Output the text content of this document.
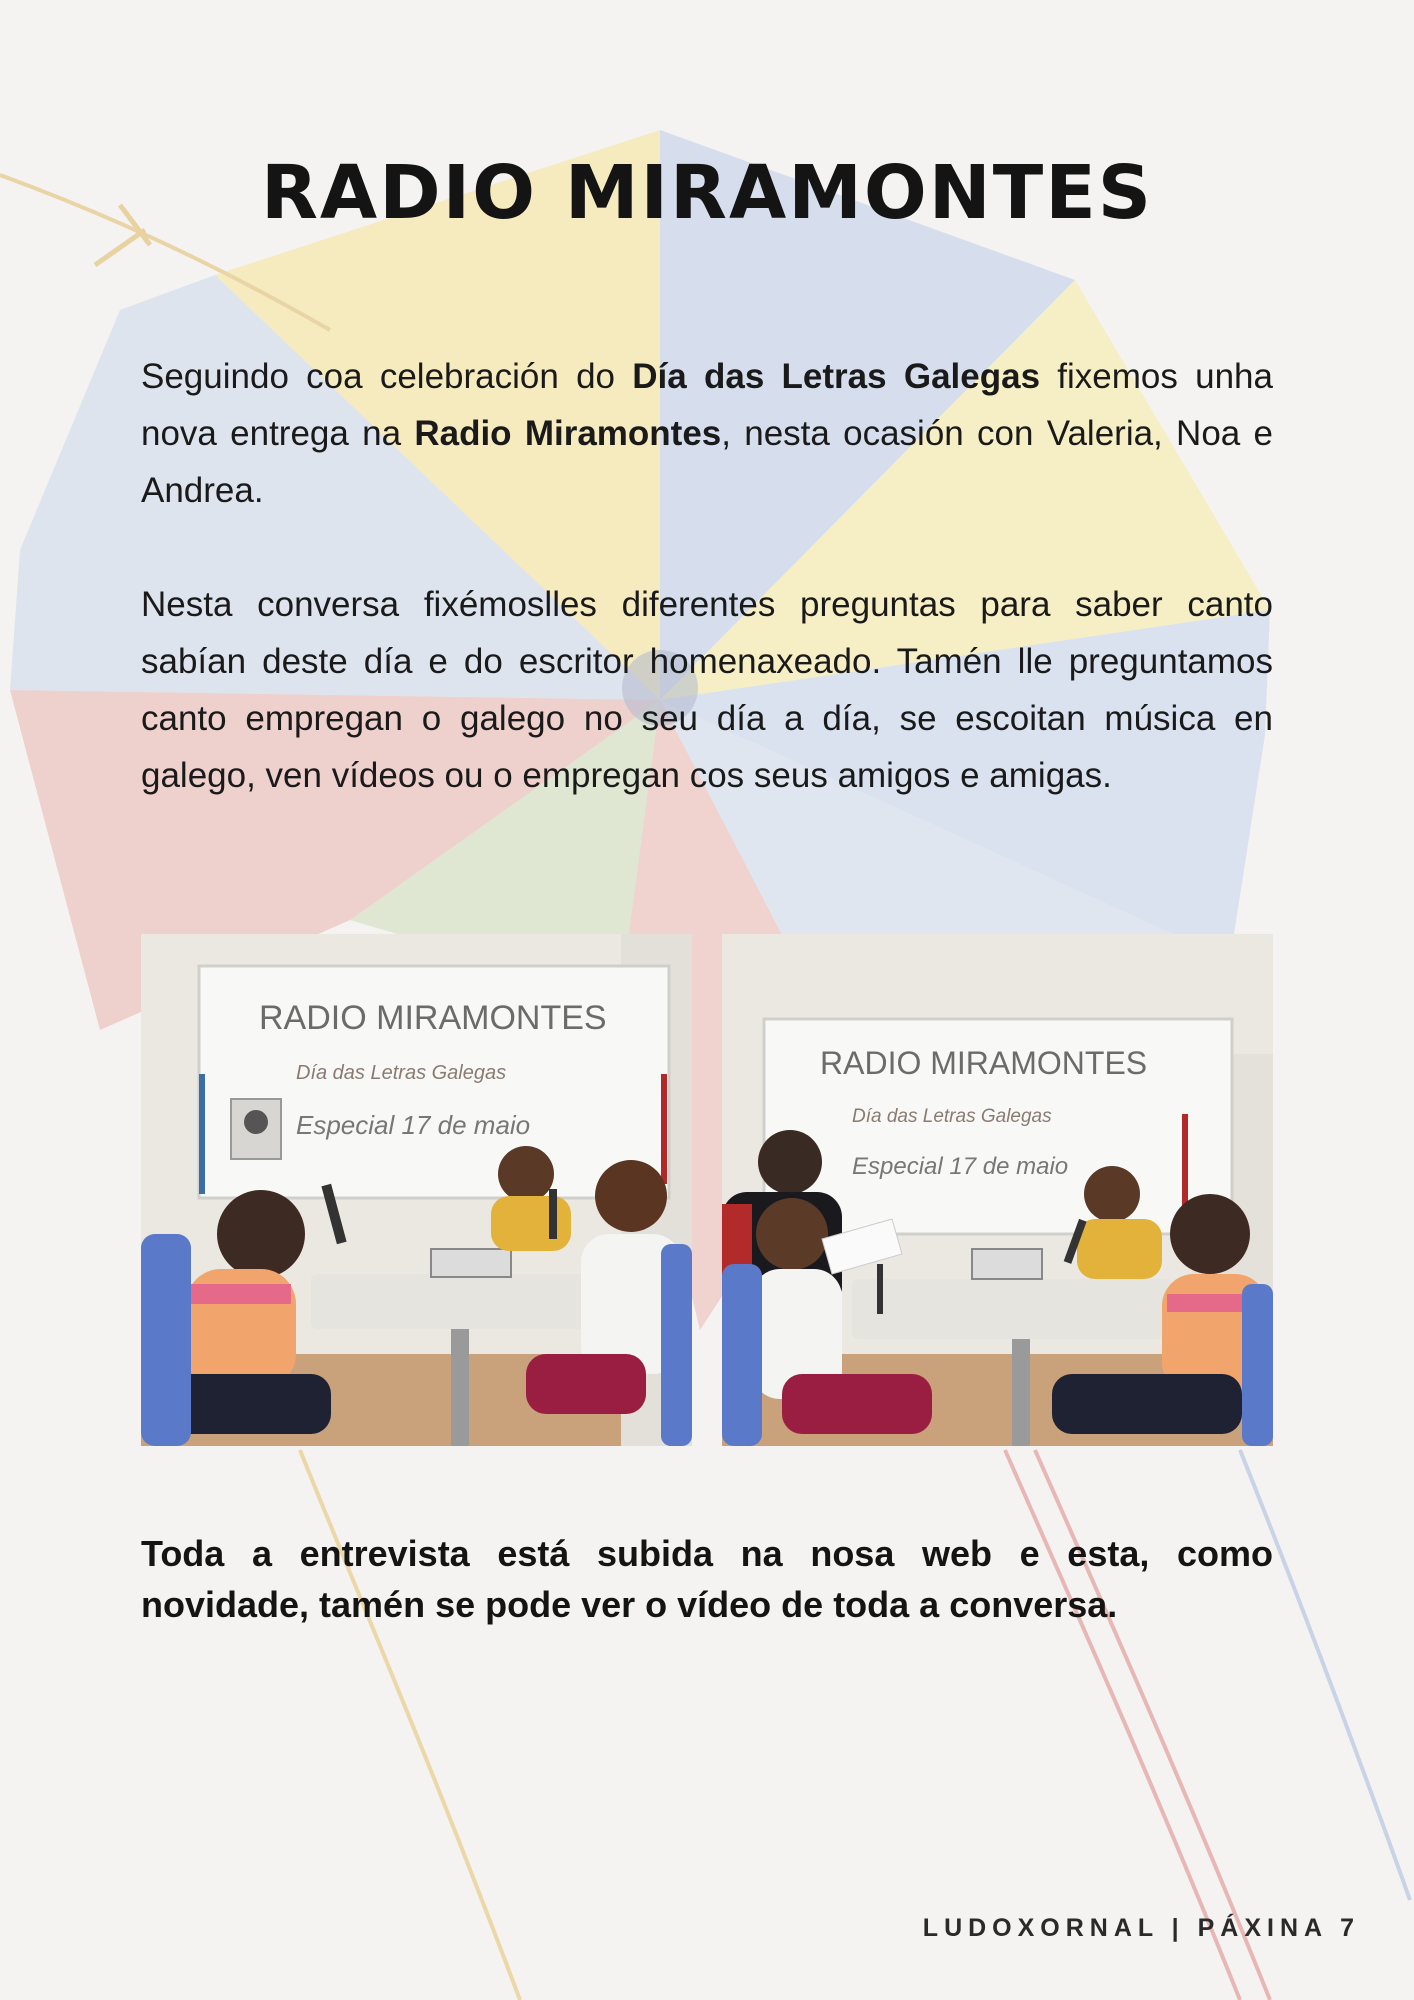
RADIO MIRAMONTES

Seguindo coa celebración do Día das Letras Galegas fixemos unha nova entrega na Radio Miramontes, nesta ocasión con Valeria, Noa e Andrea.

Nesta conversa fixémoslles diferentes preguntas para saber canto sabían deste día e do escritor homenaxeado. Tamén lle preguntamos canto empregan o galego no seu día a día, se escoitan música en galego, ven vídeos ou o empregan cos seus amigos e amigas.

RADIO MIRAMONTES
Día das Letras Galegas
Especial 17 de maio
RADIO MIRAMONTES
Día das Letras Galegas
Especial 17 de maio

Toda a entrevista está subida na nosa web e esta, como novidade, tamén se pode ver o vídeo de toda a conversa.

LUDOXORNAL | PÁXINA 7
